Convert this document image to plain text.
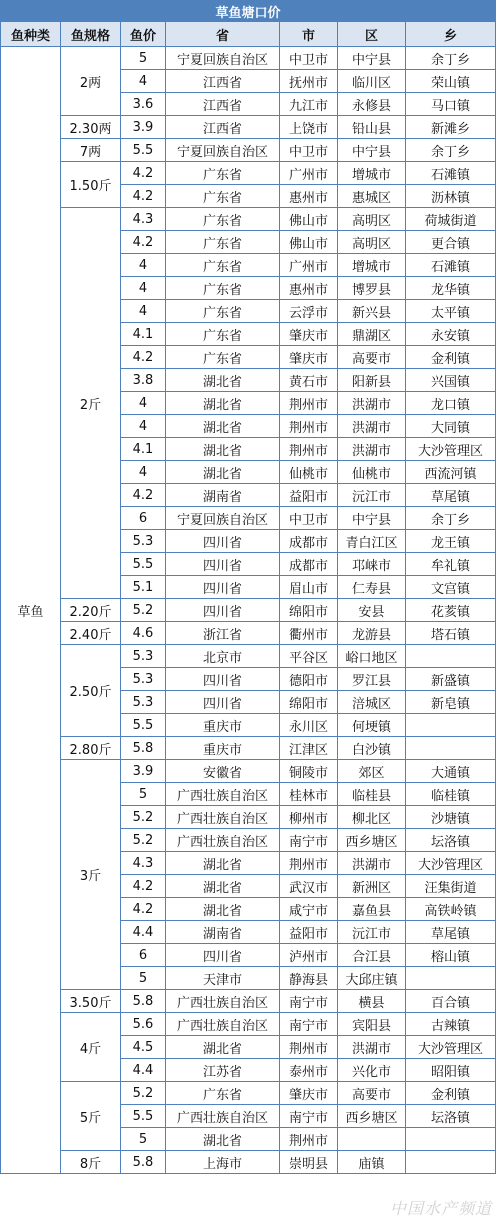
草鱼塘口价						
鱼种类	鱼规格	鱼价	省	市	区	乡
草鱼	2两	5	宁夏回族自治区	中卫市	中宁县	余丁乡
		4	江西省	抚州市	临川区	荣山镇
		3.6	江西省	九江市	永修县	马口镇
	2.30两	3.9	江西省	上饶市	铅山县	新滩乡
	7两	5.5	宁夏回族自治区	中卫市	中宁县	余丁乡
	1.50斤	4.2	广东省	广州市	增城市	石滩镇
		4.2	广东省	惠州市	惠城区	沥林镇
	2斤	4.3	广东省	佛山市	高明区	荷城街道
		4.2	广东省	佛山市	高明区	更合镇
		4	广东省	广州市	增城市	石滩镇
		4	广东省	惠州市	博罗县	龙华镇
		4	广东省	云浮市	新兴县	太平镇
		4.1	广东省	肇庆市	鼎湖区	永安镇
		4.2	广东省	肇庆市	高要市	金利镇
		3.8	湖北省	黄石市	阳新县	兴国镇
		4	湖北省	荆州市	洪湖市	龙口镇
		4	湖北省	荆州市	洪湖市	大同镇
		4.1	湖北省	荆州市	洪湖市	大沙管理区
		4	湖北省	仙桃市	仙桃市	西流河镇
		4.2	湖南省	益阳市	沅江市	草尾镇
		6	宁夏回族自治区	中卫市	中宁县	余丁乡
		5.3	四川省	成都市	青白江区	龙王镇
		5.5	四川省	成都市	邛崃市	牟礼镇
		5.1	四川省	眉山市	仁寿县	文宫镇
	2.20斤	5.2	四川省	绵阳市	安县	花荄镇
	2.40斤	4.6	浙江省	衢州市	龙游县	塔石镇
	2.50斤	5.3	北京市	平谷区	峪口地区	
		5.3	四川省	德阳市	罗江县	新盛镇
		5.3	四川省	绵阳市	涪城区	新皂镇
		5.5	重庆市	永川区	何埂镇	
	2.80斤	5.8	重庆市	江津区	白沙镇	
	3斤	3.9	安徽省	铜陵市	郊区	大通镇
		5	广西壮族自治区	桂林市	临桂县	临桂镇
		5.2	广西壮族自治区	柳州市	柳北区	沙塘镇
		5.2	广西壮族自治区	南宁市	西乡塘区	坛洛镇
		4.3	湖北省	荆州市	洪湖市	大沙管理区
		4.2	湖北省	武汉市	新洲区	汪集街道
		4.2	湖北省	咸宁市	嘉鱼县	高铁岭镇
		4.4	湖南省	益阳市	沅江市	草尾镇
		6	四川省	泸州市	合江县	榕山镇
		5	天津市	静海县	大邱庄镇	
	3.50斤	5.8	广西壮族自治区	南宁市	横县	百合镇
	4斤	5.6	广西壮族自治区	南宁市	宾阳县	古辣镇
		4.5	湖北省	荆州市	洪湖市	大沙管理区
		4.4	江苏省	泰州市	兴化市	昭阳镇
	5斤	5.2	广东省	肇庆市	高要市	金利镇
		5.5	广西壮族自治区	南宁市	西乡塘区	坛洛镇
		5	湖北省	荆州市		
	8斤	5.8	上海市	崇明县	庙镇	
中国水产频道
